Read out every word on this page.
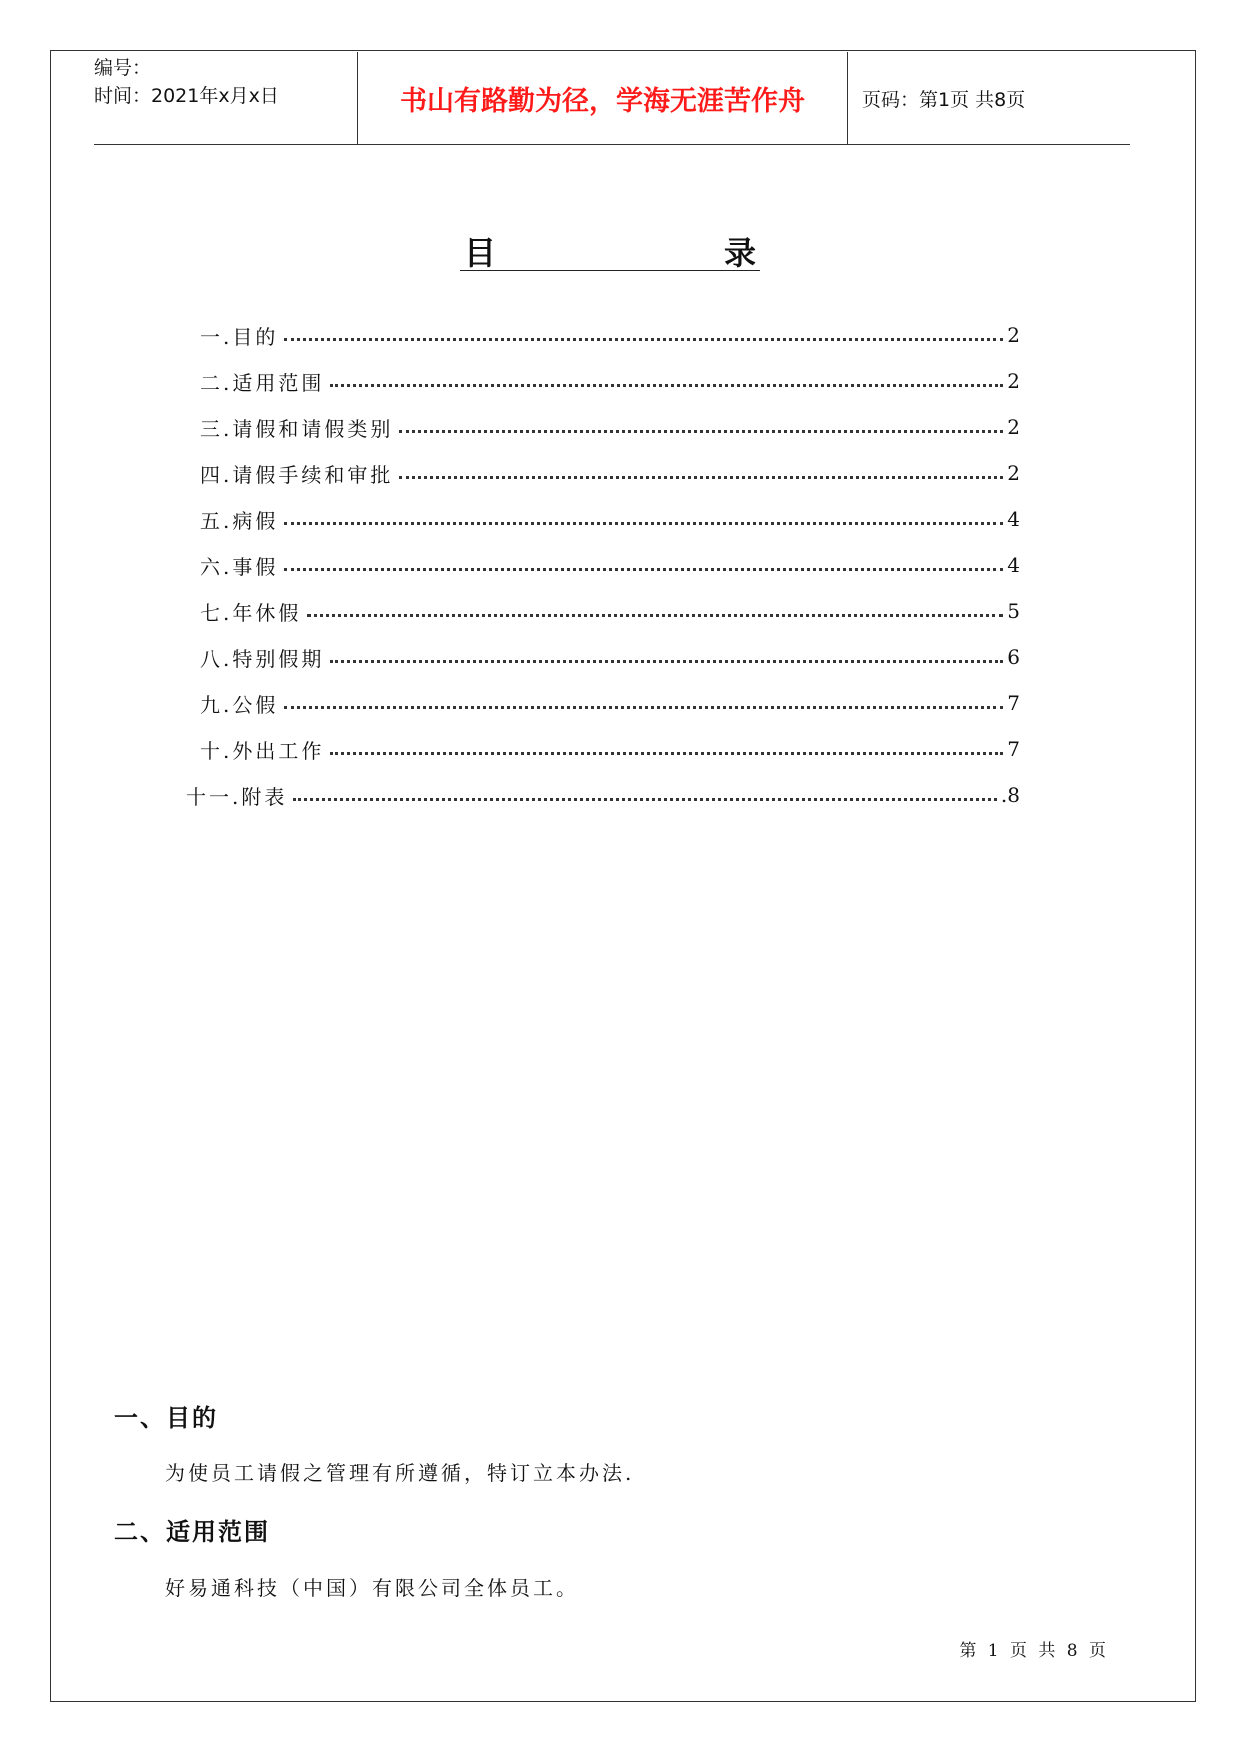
编号：
时间：2021年x月x日	书山有路勤为径，学海无涯苦作舟	页码：第1页 共8页
目	录
一.目的	2
二.适用范围	2
三.请假和请假类别	2
四.请假手续和审批	2
五.病假	4
六.事假	4
七.年休假	5
八.特别假期	6
九.公假	7
十.外出工作	7
十一.附表	.8
一、目的
为使员工请假之管理有所遵循，特订立本办法.
二、适用范围
好易通科技（中国）有限公司全体员工。
第 1 页 共 8 页
